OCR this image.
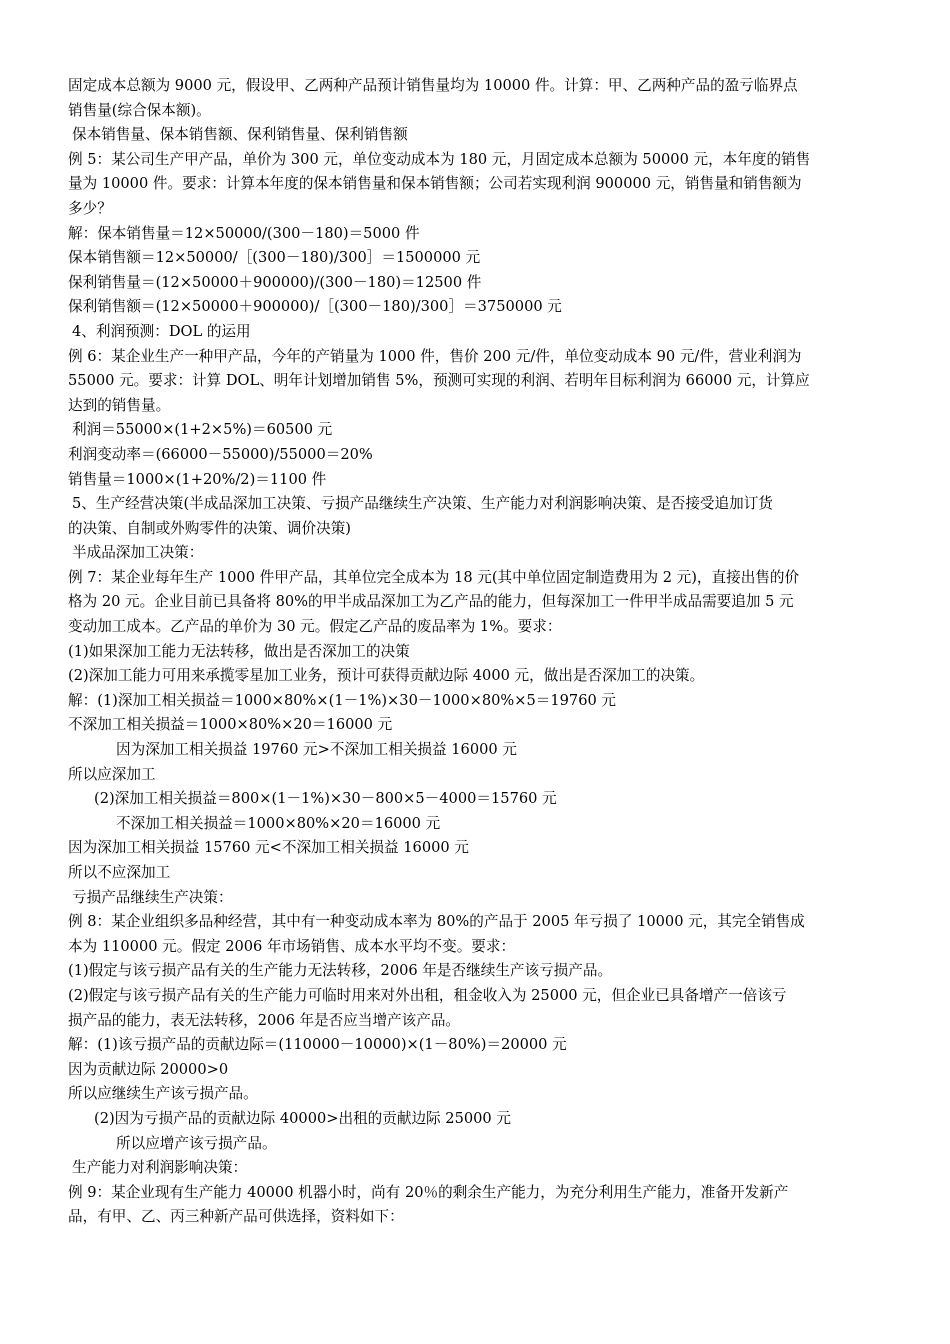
固定成本总额为 9000 元，假设甲、乙两种产品预计销售量均为 10000 件。计算：甲、乙两种产品的盈亏临界点
销售量(综合保本额)。
保本销售量、保本销售额、保利销售量、保利销售额
例 5：某公司生产甲产品，单价为 300 元，单位变动成本为 180 元，月固定成本总额为 50000 元，本年度的销售
量为 10000 件。要求：计算本年度的保本销售量和保本销售额；公司若实现利润 900000 元，销售量和销售额为
多少？
解：保本销售量＝12×50000/(300－180)＝5000 件
保本销售额＝12×50000/［(300－180)/300］＝1500000 元
保利销售量＝(12×50000＋900000)/(300－180)＝12500 件
保利销售额＝(12×50000＋900000)/［(300－180)/300］＝3750000 元
4、利润预测：DOL 的运用
例 6：某企业生产一种甲产品，今年的产销量为 1000 件，售价 200 元/件，单位变动成本 90 元/件，营业利润为
55000 元。要求：计算 DOL、明年计划增加销售 5%，预测可实现的利润、若明年目标利润为 66000 元，计算应
达到的销售量。
利润＝55000×(1+2×5%)＝60500 元
利润变动率＝(66000－55000)/55000＝20%
销售量＝1000×(1+20%/2)＝1100 件
5、生产经营决策(半成品深加工决策、亏损产品继续生产决策、生产能力对利润影响决策、是否接受追加订货
的决策、自制或外购零件的决策、调价决策)
半成品深加工决策：
例 7：某企业每年生产 1000 件甲产品，其单位完全成本为 18 元(其中单位固定制造费用为 2 元)，直接出售的价
格为 20 元。企业目前已具备将 80%的甲半成品深加工为乙产品的能力，但每深加工一件甲半成品需要追加 5 元
变动加工成本。乙产品的单价为 30 元。假定乙产品的废品率为 1%。要求：
(1)如果深加工能力无法转移，做出是否深加工的决策
(2)深加工能力可用来承揽零星加工业务，预计可获得贡献边际 4000 元，做出是否深加工的决策。
解：(1)深加工相关损益＝1000×80%×(1－1%)×30－1000×80%×5＝19760 元
不深加工相关损益＝1000×80%×20＝16000 元
因为深加工相关损益 19760 元>不深加工相关损益 16000 元
所以应深加工
(2)深加工相关损益＝800×(1－1%)×30－800×5－4000＝15760 元
不深加工相关损益＝1000×80%×20＝16000 元
因为深加工相关损益 15760 元<不深加工相关损益 16000 元
所以不应深加工
亏损产品继续生产决策：
例 8：某企业组织多品种经营，其中有一种变动成本率为 80%的产品于 2005 年亏损了 10000 元，其完全销售成
本为 110000 元。假定 2006 年市场销售、成本水平均不变。要求：
(1)假定与该亏损产品有关的生产能力无法转移，2006 年是否继续生产该亏损产品。
(2)假定与该亏损产品有关的生产能力可临时用来对外出租，租金收入为 25000 元，但企业已具备增产一倍该亏
损产品的能力，表无法转移，2006 年是否应当增产该产品。
解：(1)该亏损产品的贡献边际＝(110000－10000)×(1－80%)＝20000 元
因为贡献边际 20000>0
所以应继续生产该亏损产品。
(2)因为亏损产品的贡献边际 40000>出租的贡献边际 25000 元
所以应增产该亏损产品。
生产能力对利润影响决策：
例 9：某企业现有生产能力 40000 机器小时，尚有 20％的剩余生产能力，为充分利用生产能力，准备开发新产
品，有甲、乙、丙三种新产品可供选择，资料如下：
